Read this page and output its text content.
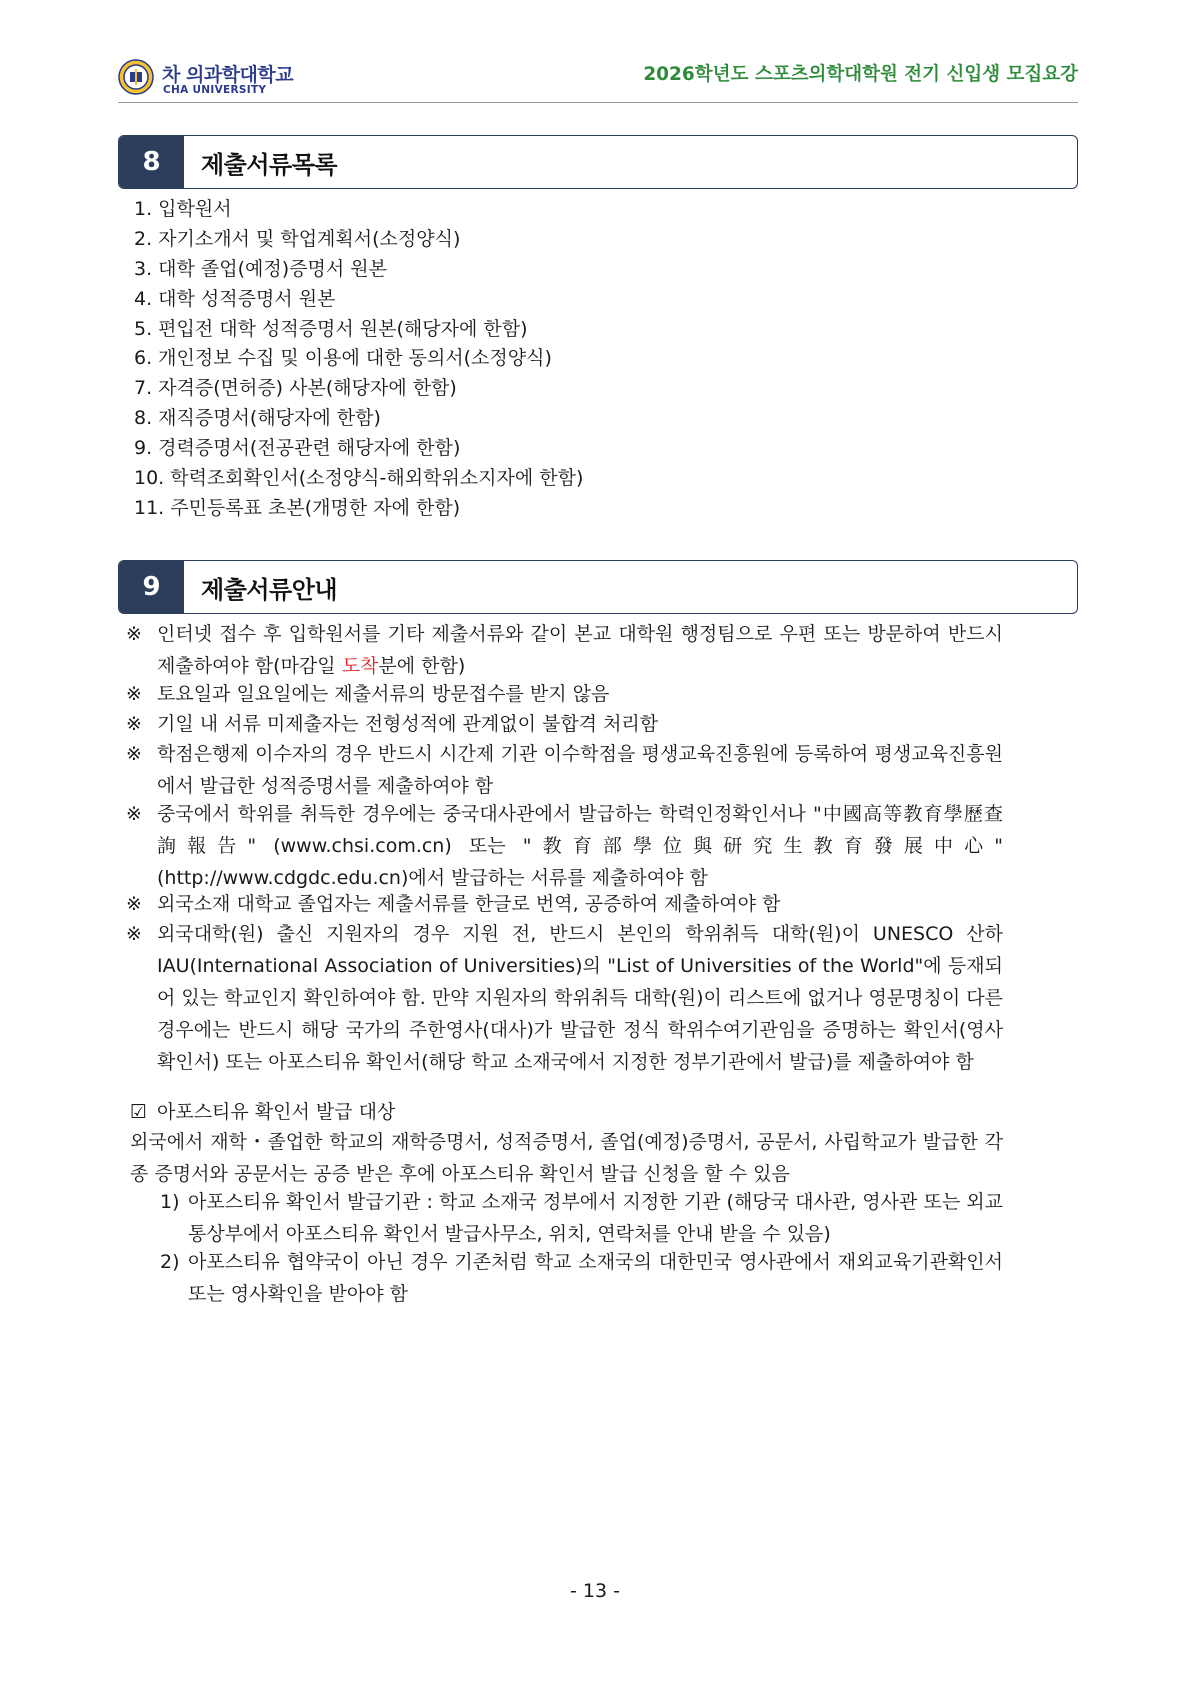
차 의과학대학교
CHA UNIVERSITY
2026학년도 스포츠의학대학원 전기 신입생 모집요강
8	제출서류목록
1. 입학원서
2. 자기소개서 및 학업계획서(소정양식)
3. 대학 졸업(예정)증명서 원본
4. 대학 성적증명서 원본
5. 편입전 대학 성적증명서 원본(해당자에 한함)
6. 개인정보 수집 및 이용에 대한 동의서(소정양식)
7. 자격증(면허증) 사본(해당자에 한함)
8. 재직증명서(해당자에 한함)
9. 경력증명서(전공관련 해당자에 한함)
10. 학력조회확인서(소정양식-해외학위소지자에 한함)
11. 주민등록표 초본(개명한 자에 한함)
9	제출서류안내
※ 인터넷 접수 후 입학원서를 기타 제출서류와 같이 본교 대학원 행정팀으로 우편 또는 방문하여 반드시 제출하여야 함(마감일 도착분에 한함)
※ 토요일과 일요일에는 제출서류의 방문접수를 받지 않음
※ 기일 내 서류 미제출자는 전형성적에 관계없이 불합격 처리함
※ 학점은행제 이수자의 경우 반드시 시간제 기관 이수학점을 평생교육진흥원에 등록하여 평생교육진흥원에서 발급한 성적증명서를 제출하여야 함
※ 중국에서 학위를 취득한 경우에는 중국대사관에서 발급하는 학력인정확인서나 "中國高等教育學歷查詢報告" (www.chsi.com.cn) 또는 "教育部學位與研究生教育發展中心" (http://www.cdgdc.edu.cn)에서 발급하는 서류를 제출하여야 함
※ 외국소재 대학교 졸업자는 제출서류를 한글로 번역, 공증하여 제출하여야 함
※ 외국대학(원) 출신 지원자의 경우 지원 전, 반드시 본인의 학위취득 대학(원)이 UNESCO 산하 IAU(International Association of Universities)의 "List of Universities of the World"에 등재되어 있는 학교인지 확인하여야 함. 만약 지원자의 학위취득 대학(원)이 리스트에 없거나 영문명칭이 다른 경우에는 반드시 해당 국가의 주한영사(대사)가 발급한 정식 학위수여기관임을 증명하는 확인서(영사확인서) 또는 아포스티유 확인서(해당 학교 소재국에서 지정한 정부기관에서 발급)를 제출하여야 함
☑ 아포스티유 확인서 발급 대상
외국에서 재학・졸업한 학교의 재학증명서, 성적증명서, 졸업(예정)증명서, 공문서, 사립학교가 발급한 각종 증명서와 공문서는 공증 받은 후에 아포스티유 확인서 발급 신청을 할 수 있음
1) 아포스티유 확인서 발급기관 : 학교 소재국 정부에서 지정한 기관 (해당국 대사관, 영사관 또는 외교통상부에서 아포스티유 확인서 발급사무소, 위치, 연락처를 안내 받을 수 있음)
2) 아포스티유 협약국이 아닌 경우 기존처럼 학교 소재국의 대한민국 영사관에서 재외교육기관확인서 또는 영사확인을 받아야 함
- 13 -
